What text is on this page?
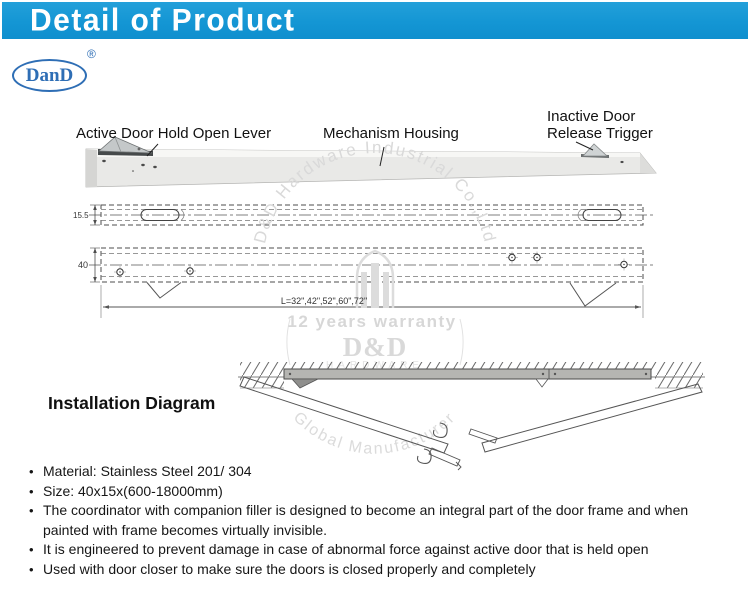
Detail of Product
DanD
®
Active Door Hold Open Lever	Mechanism Housing
Inactive Door
Release Trigger
15.5
40
L=32",42",52",60",72"
Installation Diagram
• Material: Stainless Steel 201/ 304
• Size: 40x15x(600-18000mm)
• The coordinator with companion filler is designed to become an integral part of the door frame and when painted with frame becomes virtually invisible.
• It is engineered to prevent damage in case of abnormal force against active door that is held open
• Used with door closer to make sure the doors is closed properly and completely
D&D Hardware Industrial Co.,Ltd
Global Manufacturer
12 years warranty
D&D
